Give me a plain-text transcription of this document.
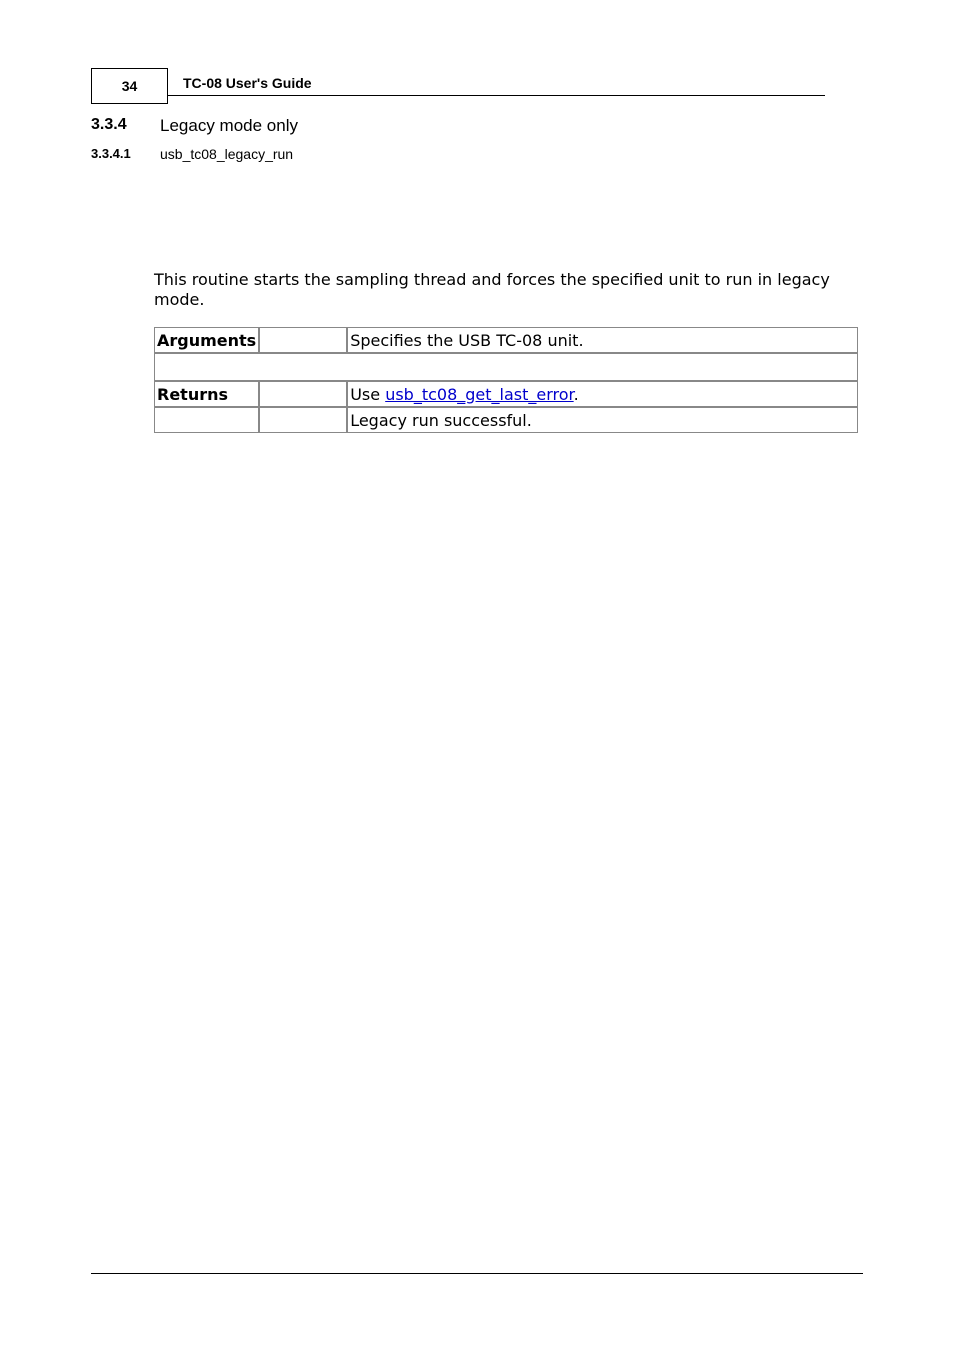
34	TC-08 User's Guide
3.3.4 Legacy mode only
3.3.4.1 usb_tc08_legacy_run
This routine starts the sampling thread and forces the specified unit to run in legacy mode.
Arguments		Specifies the USB TC-08 unit.

Returns		Use usb_tc08_get_last_error.
		Legacy run successful.
